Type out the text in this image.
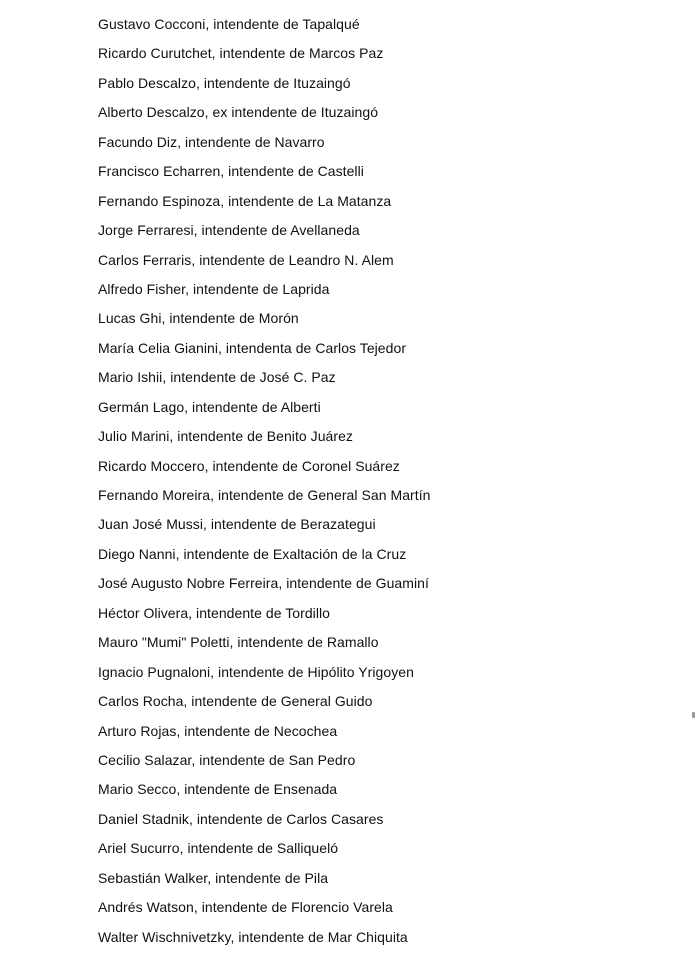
Gustavo Cocconi, intendente de Tapalqué
Ricardo Curutchet, intendente de Marcos Paz
Pablo Descalzo, intendente de Ituzaingó
Alberto Descalzo, ex intendente de Ituzaingó
Facundo Diz, intendente de Navarro
Francisco Echarren, intendente de Castelli
Fernando Espinoza, intendente de La Matanza
Jorge Ferraresi, intendente de Avellaneda
Carlos Ferraris, intendente de Leandro N. Alem
Alfredo Fisher, intendente de Laprida
Lucas Ghi, intendente de Morón
María Celia Gianini, intendenta de Carlos Tejedor
Mario Ishii, intendente de José C. Paz
Germán Lago, intendente de Alberti
Julio Marini, intendente de Benito Juárez
Ricardo Moccero, intendente de Coronel Suárez
Fernando Moreira, intendente de General San Martín
Juan José Mussi, intendente de Berazategui
Diego Nanni, intendente de Exaltación de la Cruz
José Augusto Nobre Ferreira, intendente de Guaminí
Héctor Olivera, intendente de Tordillo
Mauro "Mumi" Poletti, intendente de Ramallo
Ignacio Pugnaloni, intendente de Hipólito Yrigoyen
Carlos Rocha, intendente de General Guido
Arturo Rojas, intendente de Necochea
Cecilio Salazar, intendente de San Pedro
Mario Secco, intendente de Ensenada
Daniel Stadnik, intendente de Carlos Casares
Ariel Sucurro, intendente de Salliqueló
Sebastián Walker, intendente de Pila
Andrés Watson, intendente de Florencio Varela
Walter Wischnivetzky, intendente de Mar Chiquita
